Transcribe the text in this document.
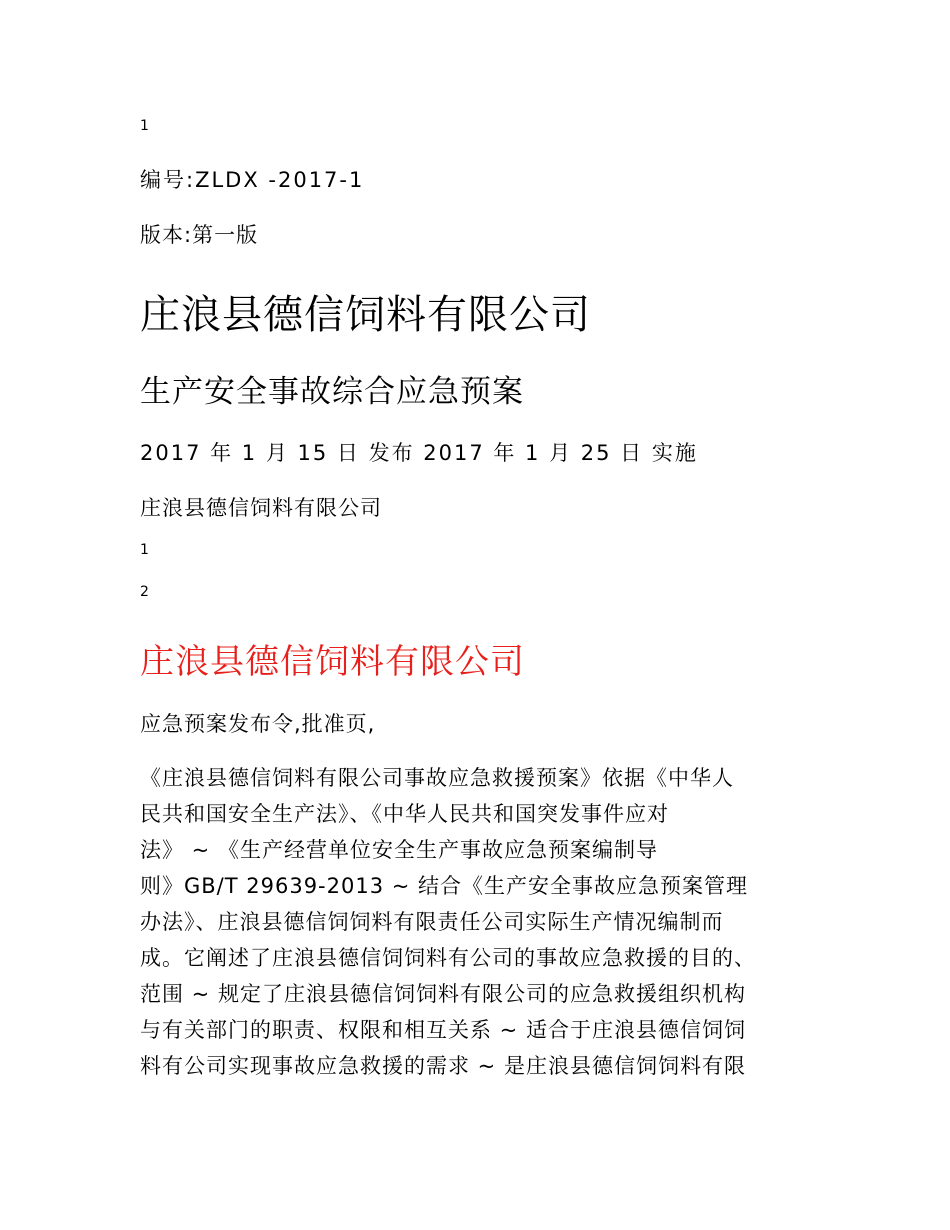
1

编号:ZLDX -2017-1

版本:第一版

庄浪县德信饲料有限公司
生产安全事故综合应急预案

2017 年 1 月 15 日 发布 2017 年 1 月 25 日 实施

庄浪县德信饲料有限公司

1

2

庄浪县德信饲料有限公司

应急预案发布令,批准页,

《庄浪县德信饲料有限公司事故应急救援预案》依据《中华人

民共和国安全生产法》、《中华人民共和国突发事件应对

法》 ~ 《生产经营单位安全生产事故应急预案编制导

则》GB/T 29639-2013 ~ 结合《生产安全事故应急预案管理

办法》、庄浪县德信饲饲料有限责任公司实际生产情况编制而

成。它阐述了庄浪县德信饲饲料有公司的事故应急救援的目的、

范围 ~ 规定了庄浪县德信饲饲料有限公司的应急救援组织机构

与有关部门的职责、权限和相互关系 ~ 适合于庄浪县德信饲饲

料有公司实现事故应急救援的需求 ~ 是庄浪县德信饲饲料有限
